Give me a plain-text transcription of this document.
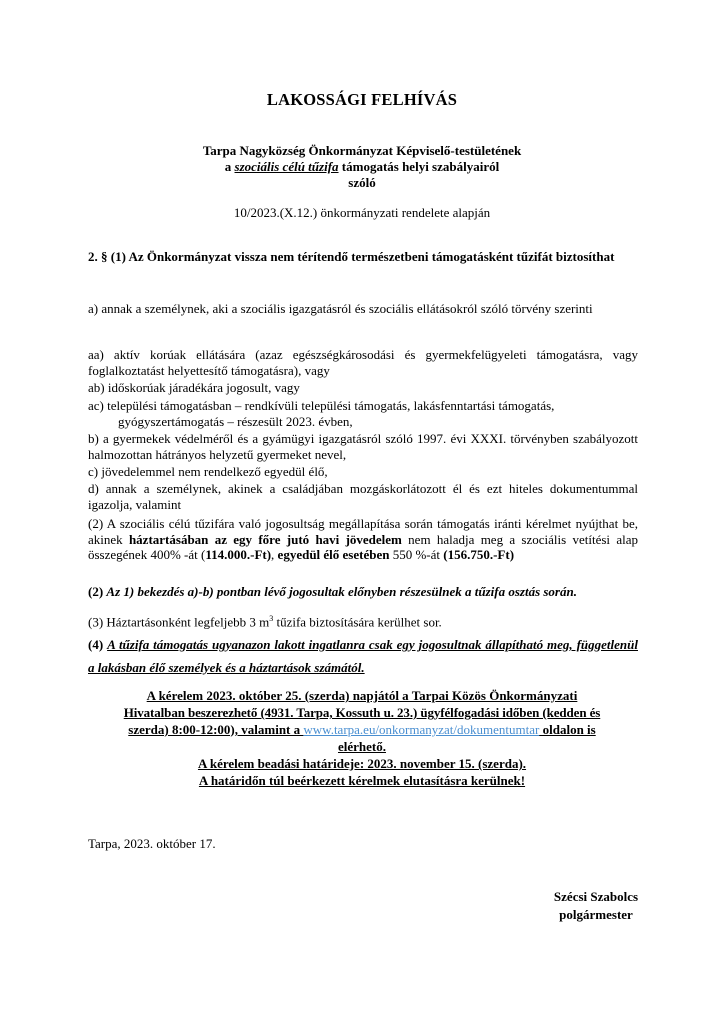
LAKOSSÁGI FELHÍVÁS
Tarpa Nagyközség Önkormányzat Képviselő-testületének
a szociális célú tűzifa támogatás helyi szabályairól
szóló
10/2023.(X.12.) önkormányzati rendelete alapján
2. § (1) Az Önkormányzat vissza nem térítendő természetbeni támogatásként tűzifát biztosíthat
a) annak a személynek, aki a szociális igazgatásról és szociális ellátásokról szóló törvény szerinti
aa) aktív korúak ellátására (azaz egészségkárosodási és gyermekfelügyeleti támogatásra, vagy foglalkoztatást helyettesítő támogatásra), vagy
ab) időskorúak járadékára jogosult, vagy
ac) települési támogatásban – rendkívüli települési támogatás, lakásfenntartási támogatás,
gyógyszertámogatás – részesült 2023. évben,
b) a gyermekek védelméről és a gyámügyi igazgatásról szóló 1997. évi XXXI. törvényben szabályozott halmozottan hátrányos helyzetű gyermeket nevel,
c) jövedelemmel nem rendelkező egyedül élő,
d) annak a személynek, akinek a családjában mozgáskorlátozott él és ezt hiteles dokumentummal igazolja, valamint
(2) A szociális célú tűzifára való jogosultság megállapítása során támogatás iránti kérelmet nyújthat be, akinek háztartásában az egy főre jutó havi jövedelem nem haladja meg a szociális vetítési alap összegének 400% -át (114.000.-Ft), egyedül élő esetében 550 %-át (156.750.-Ft)
(2) Az 1) bekezdés a)-b) pontban lévő jogosultak előnyben részesülnek a tűzifa osztás során.
(3) Háztartásonként legfeljebb 3 $m^3$ tűzifa biztosítására kerülhet sor.
(4) A tűzifa támogatás ugyanazon lakott ingatlanra csak egy jogosultnak állapítható meg, függetlenül a lakásban élő személyek és a háztartások számától.
A kérelem 2023. október 25. (szerda) napjától a Tarpai Közös Önkormányzati
Hivatalban beszerezhető (4931. Tarpa, Kossuth u. 23.) ügyfélfogadási időben (kedden és
szerda) 8:00-12:00), valamint a www.tarpa.eu/onkormanyzat/dokumentumtar oldalon is
elérhető.
A kérelem beadási határideje: 2023. november 15. (szerda).
A határidőn túl beérkezett kérelmek elutasításra kerülnek!
Tarpa, 2023. október 17.
Szécsi Szabolcs
polgármester
